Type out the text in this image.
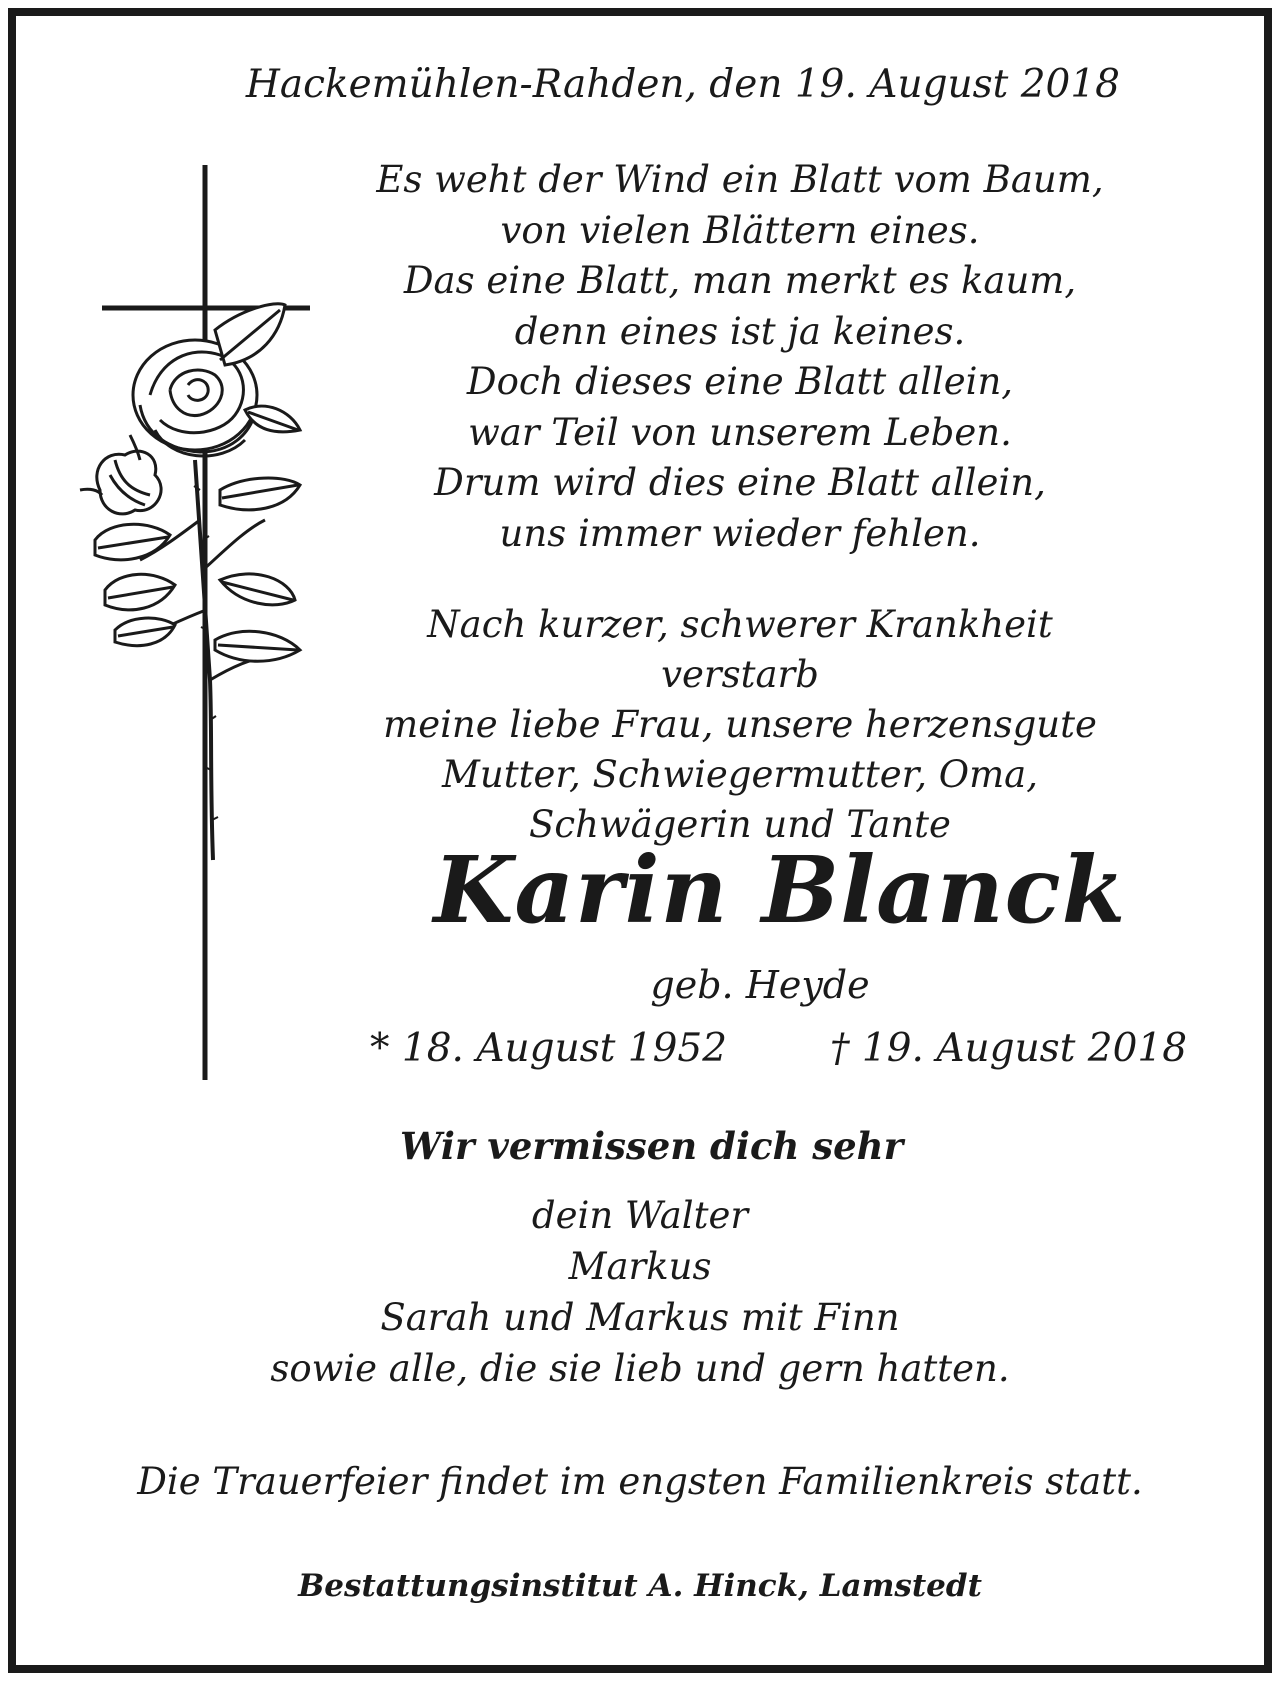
Hackemühlen-Rahden, den 19. August 2018
Es weht der Wind ein Blatt vom Baum,
von vielen Blättern eines.
Das eine Blatt, man merkt es kaum,
denn eines ist ja keines.
Doch dieses eine Blatt allein,
war Teil von unserem Leben.
Drum wird dies eine Blatt allein,
uns immer wieder fehlen.
Nach kurzer, schwerer Krankheit verstarb
meine liebe Frau, unsere herzensgute
Mutter, Schwiegermutter, Oma,
Schwägerin und Tante
Karin Blanck
geb. Heyde
* 18. August 1952	† 19. August 2018
Wir vermissen dich sehr
dein Walter
Markus
Sarah und Markus mit Finn
sowie alle, die sie lieb und gern hatten.
Die Trauerfeier findet im engsten Familienkreis statt.
Bestattungsinstitut A. Hinck, Lamstedt
